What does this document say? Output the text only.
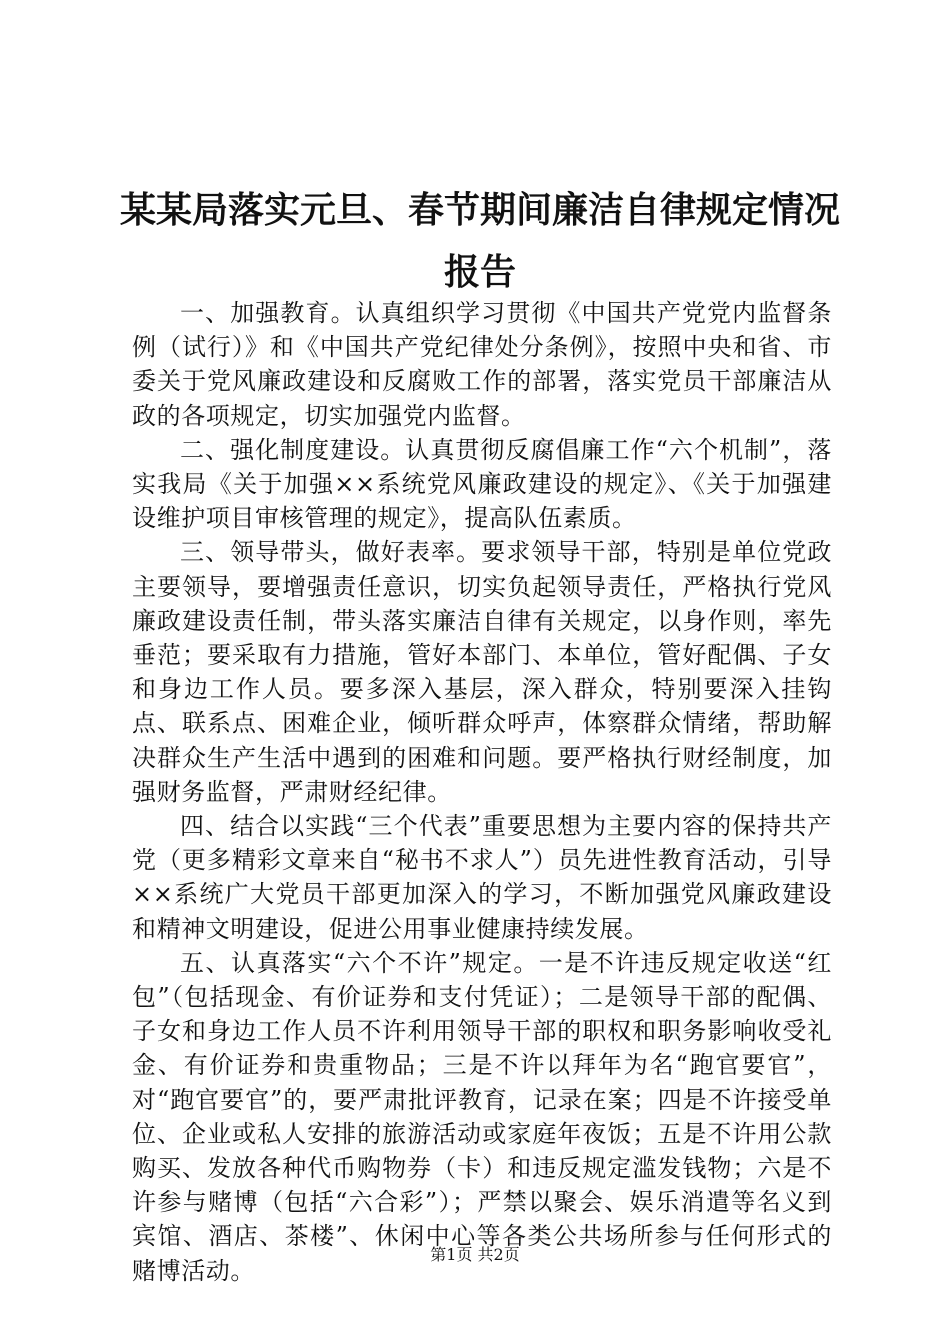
某某局落实元旦、春节期间廉洁自律规定情况
报告

一、加强教育。认真组织学习贯彻《中国共产党党内监督条例（试行）》和《中国共产党纪律处分条例》，按照中央和省、市委关于党风廉政建设和反腐败工作的部署，落实党员干部廉洁从政的各项规定，切实加强党内监督。

二、强化制度建设。认真贯彻反腐倡廉工作“六个机制”，落实我局《关于加强××系统党风廉政建设的规定》、《关于加强建设维护项目审核管理的规定》，提高队伍素质。

三、领导带头，做好表率。要求领导干部，特别是单位党政主要领导，要增强责任意识，切实负起领导责任，严格执行党风廉政建设责任制，带头落实廉洁自律有关规定，以身作则，率先垂范；要采取有力措施，管好本部门、本单位，管好配偶、子女和身边工作人员。要多深入基层，深入群众，特别要深入挂钩点、联系点、困难企业，倾听群众呼声，体察群众情绪，帮助解决群众生产生活中遇到的困难和问题。要严格执行财经制度，加强财务监督，严肃财经纪律。

四、结合以实践“三个代表”重要思想为主要内容的保持共产党（更多精彩文章来自“秘书不求人”）员先进性教育活动，引导××系统广大党员干部更加深入的学习，不断加强党风廉政建设和精神文明建设，促进公用事业健康持续发展。

五、认真落实“六个不许”规定。一是不许违反规定收送“红包”（包括现金、有价证券和支付凭证）；二是领导干部的配偶、子女和身边工作人员不许利用领导干部的职权和职务影响收受礼金、有价证券和贵重物品；三是不许以拜年为名“跑官要官”，对“跑官要官”的，要严肃批评教育，记录在案；四是不许接受单位、企业或私人安排的旅游活动或家庭年夜饭；五是不许用公款购买、发放各种代币购物券（卡）和违反规定滥发钱物；六是不许参与赌博（包括“六合彩”）；严禁以聚会、娱乐消遣等名义到宾馆、酒店、茶楼”、休闲中心等各类公共场所参与任何形式的赌博活动。

第1页 共2页
